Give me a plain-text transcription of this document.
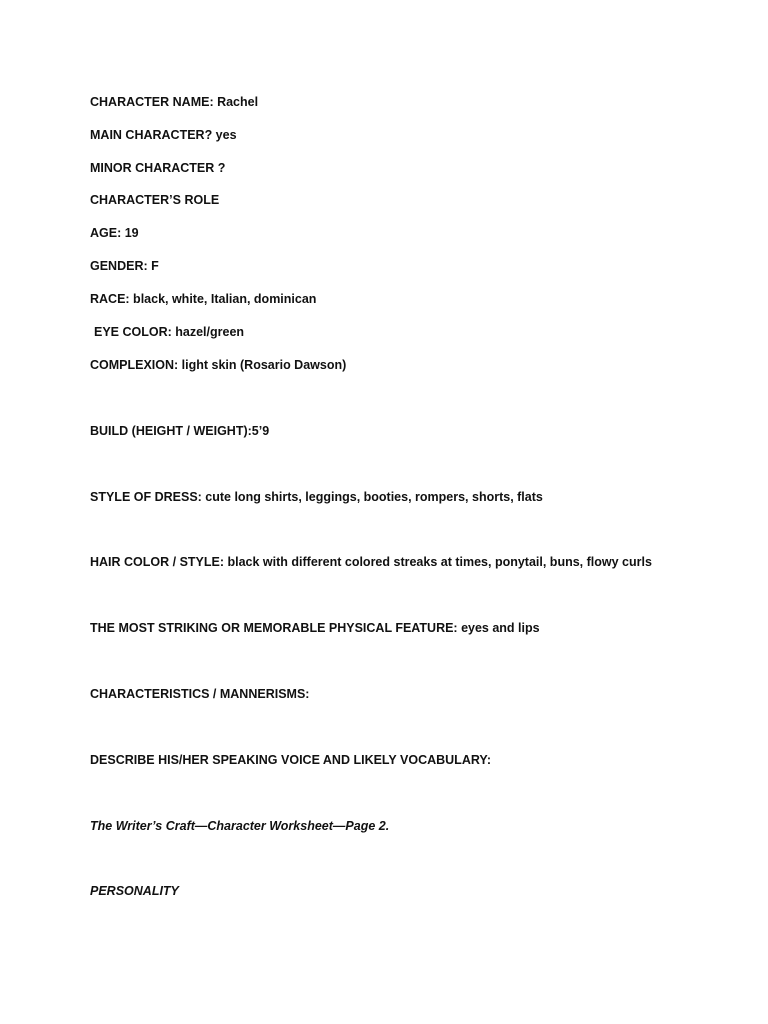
CHARACTER NAME: Rachel
MAIN CHARACTER? yes
MINOR CHARACTER ?
CHARACTER’S ROLE
AGE: 19
GENDER: F
RACE: black, white, Italian, dominican
EYE COLOR: hazel/green
COMPLEXION: light skin (Rosario Dawson)
BUILD (HEIGHT / WEIGHT):5’9
STYLE OF DRESS: cute long shirts, leggings, booties, rompers, shorts, flats
HAIR COLOR / STYLE: black with different colored streaks at times, ponytail, buns, flowy curls
THE MOST STRIKING OR MEMORABLE PHYSICAL FEATURE: eyes and lips
CHARACTERISTICS / MANNERISMS:
DESCRIBE HIS/HER SPEAKING VOICE AND LIKELY VOCABULARY:
The Writer’s Craft—Character Worksheet—Page 2.
PERSONALITY
